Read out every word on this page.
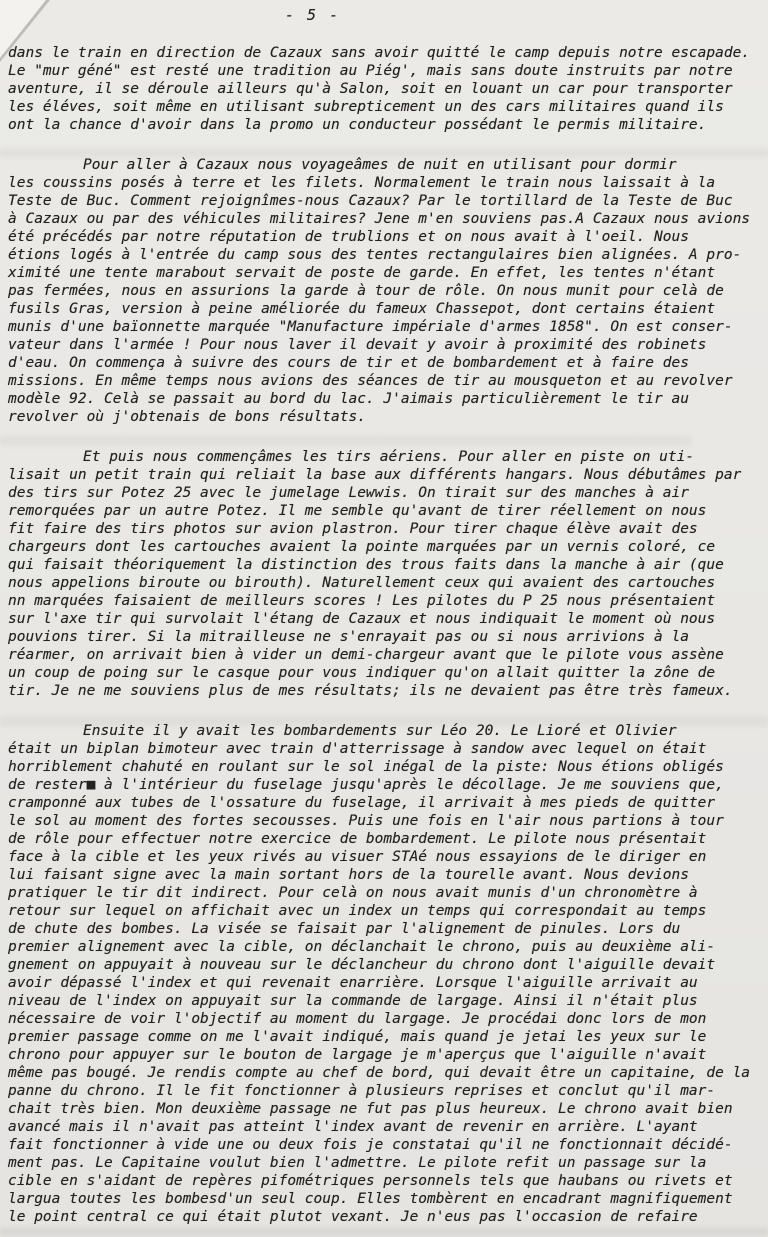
- 5 -
dans le train en direction de Cazaux sans avoir quitté le camp depuis notre escapade.
Le "mur géné" est resté une tradition au Piég', mais sans doute instruits par notre
aventure, il se déroule ailleurs qu'à Salon, soit en louant un car pour transporter
les éléves, soit même en utilisant subrepticement un des cars militaires quand ils
ont la chance d'avoir dans la promo un conducteur possédant le permis militaire.
Pour aller à Cazaux nous voyageâmes de nuit en utilisant pour dormir
les coussins posés à terre et les filets. Normalement le train nous laissait à la
Teste de Buc. Comment rejoignîmes-nous Cazaux? Par le tortillard de la Teste de Buc
à Cazaux ou par des véhicules militaires? Jene m'en souviens pas.A Cazaux nous avions
été précédés par notre réputation de trublions et on nous avait à l'oeil. Nous
étions logés à l'entrée du camp sous des tentes rectangulaires bien alignées. A pro-
ximité une tente marabout servait de poste de garde. En effet, les tentes n'étant
pas fermées, nous en assurions la garde à tour de rôle. On nous munit pour celà de
fusils Gras, version à peine améliorée du fameux Chassepot, dont certains étaient
munis d'une baïonnette marquée "Manufacture impériale d'armes 1858". On est conser-
vateur dans l'armée ! Pour nous laver il devait y avoir à proximité des robinets
d'eau. On commença à suivre des cours de tir et de bombardement et à faire des
missions. En même temps nous avions des séances de tir au mousqueton et au revolver
modèle 92. Celà se passait au bord du lac. J'aimais particulièrement le tir au
revolver où j'obtenais de bons résultats.
Et puis nous commençâmes les tirs aériens. Pour aller en piste on uti-
lisait un petit train qui reliait la base aux différents hangars. Nous débutâmes par
des tirs sur Potez 25 avec le jumelage Lewwis. On tirait sur des manches à air
remorquées par un autre Potez. Il me semble qu'avant de tirer réellement on nous
fit faire des tirs photos sur avion plastron. Pour tirer chaque élève avait des
chargeurs dont les cartouches avaient la pointe marquées par un vernis coloré, ce
qui faisait théoriquement la distinction des trous faits dans la manche à air (que
nous appelions biroute ou birouth). Naturellement ceux qui avaient des cartouches
nn marquées faisaient de meilleurs scores ! Les pilotes du P 25 nous présentaient
sur l'axe tir qui survolait l'étang de Cazaux et nous indiquait le moment où nous
pouvions tirer. Si la mitrailleuse ne s'enrayait pas ou si nous arrivions à la
réarmer, on arrivait bien à vider un demi-chargeur avant que le pilote vous assène
un coup de poing sur le casque pour vous indiquer qu'on allait quitter la zône de
tir. Je ne me souviens plus de mes résultats; ils ne devaient pas être très fameux.
Ensuite il y avait les bombardements sur Léo 20. Le Lioré et Olivier
était un biplan bimoteur avec train d'atterrissage à sandow avec lequel on était
horriblement chahuté en roulant sur le sol inégal de la piste: Nous étions obligés
de rester■ à l'intérieur du fuselage jusqu'après le décollage. Je me souviens que,
cramponné aux tubes de l'ossature du fuselage, il arrivait à mes pieds de quitter
le sol au moment des fortes secousses. Puis une fois en l'air nous partions à tour
de rôle pour effectuer notre exercice de bombardement. Le pilote nous présentait
face à la cible et les yeux rivés au visuer STAé nous essayions de le diriger en
lui faisant signe avec la main sortant hors de la tourelle avant. Nous devions
pratiquer le tir dit indirect. Pour celà on nous avait munis d'un chronomètre à
retour sur lequel on affichait avec un index un temps qui correspondait au temps
de chute des bombes. La visée se faisait par l'alignement de pinules. Lors du
premier alignement avec la cible, on déclanchait le chrono, puis au deuxième ali-
gnement on appuyait à nouveau sur le déclancheur du chrono dont l'aiguille devait
avoir dépassé l'index et qui revenait enarrière. Lorsque l'aiguille arrivait au
niveau de l'index on appuyait sur la commande de largage. Ainsi il n'était plus
nécessaire de voir l'objectif au moment du largage. Je procédai donc lors de mon
premier passage comme on me l'avait indiqué, mais quand je jetai les yeux sur le
chrono pour appuyer sur le bouton de largage je m'aperçus que l'aiguille n'avait
même pas bougé. Je rendis compte au chef de bord, qui devait être un capitaine, de la
panne du chrono. Il le fit fonctionner à plusieurs reprises et conclut qu'il mar-
chait très bien. Mon deuxième passage ne fut pas plus heureux. Le chrono avait bien
avancé mais il n'avait pas atteint l'index avant de revenir en arrière. L'ayant
fait fonctionner à vide une ou deux fois je constatai qu'il ne fonctionnait décidé-
ment pas. Le Capitaine voulut bien l'admettre. Le pilote refit un passage sur la
cible en s'aidant de repères pifométriques personnels tels que haubans ou rivets et
largua toutes les bombesd'un seul coup. Elles tombèrent en encadrant magnifiquement
le point central ce qui était plutot vexant. Je n'eus pas l'occasion de refaire
